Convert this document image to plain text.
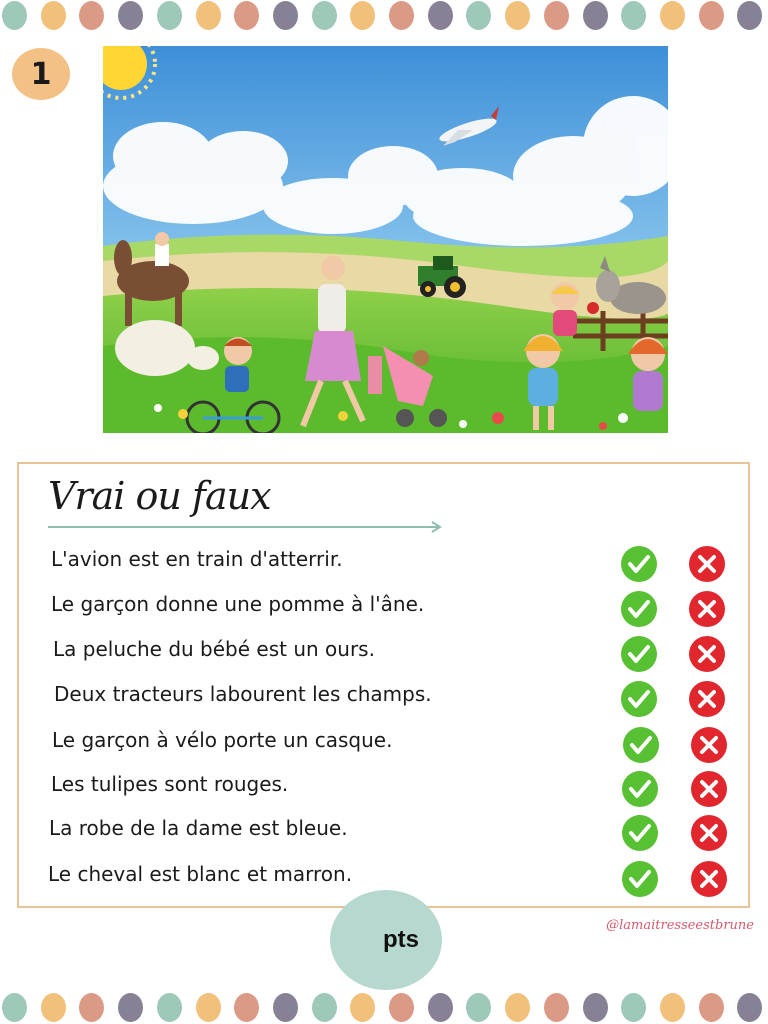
1
Vrai ou faux
L'avion est en train d'atterrir.
Le garçon donne une pomme à l'âne.
La peluche du bébé est un ours.
Deux tracteurs labourent les champs.
Le garçon à vélo porte un casque.
Les tulipes sont rouges.
La robe de la dame est bleue.
Le cheval est blanc et marron.
pts
@lamaitresseestbrune
